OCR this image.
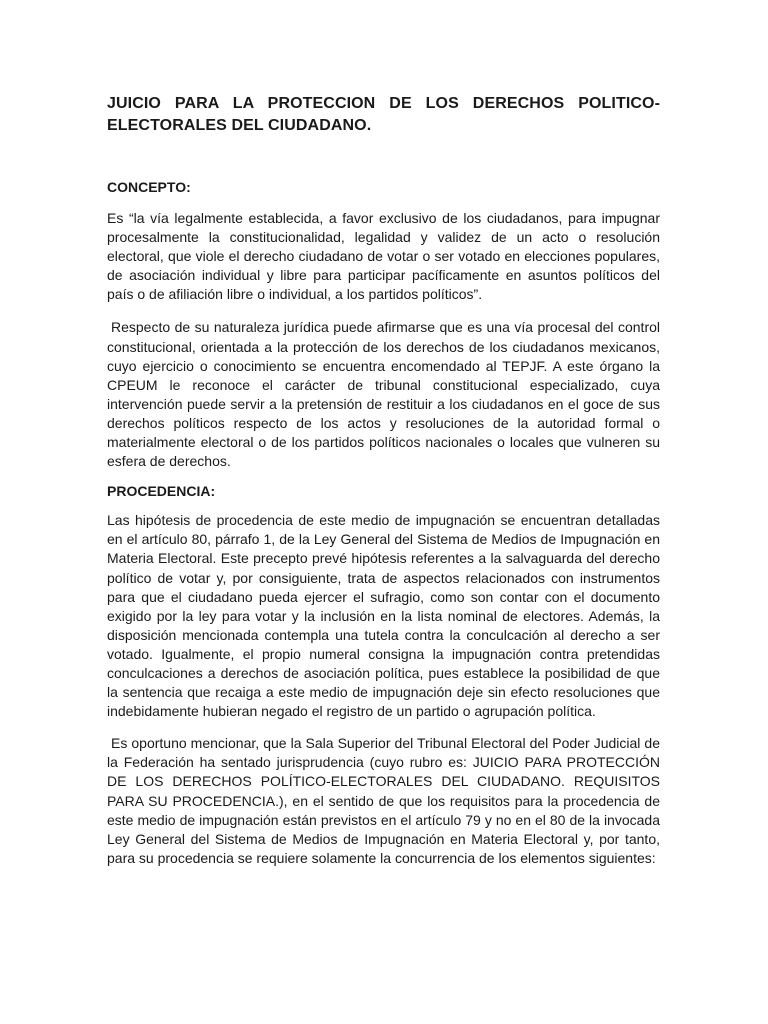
JUICIO PARA LA PROTECCION DE LOS DERECHOS POLITICO-ELECTORALES DEL CIUDADANO.
CONCEPTO:

Es “la vía legalmente establecida, a favor exclusivo de los ciudadanos, para impugnar procesalmente la constitucionalidad, legalidad y validez de un acto o resolución electoral, que viole el derecho ciudadano de votar o ser votado en elecciones populares, de asociación individual y libre para participar pacíficamente en asuntos políticos del país o de afiliación libre o individual, a los partidos políticos”.

Respecto de su naturaleza jurídica puede afirmarse que es una vía procesal del control constitucional, orientada a la protección de los derechos de los ciudadanos mexicanos, cuyo ejercicio o conocimiento se encuentra encomendado al TEPJF. A este órgano la CPEUM le reconoce el carácter de tribunal constitucional especializado, cuya intervención puede servir a la pretensión de restituir a los ciudadanos en el goce de sus derechos políticos respecto de los actos y resoluciones de la autoridad formal o materialmente electoral o de los partidos políticos nacionales o locales que vulneren su esfera de derechos.

PROCEDENCIA:

Las hipótesis de procedencia de este medio de impugnación se encuentran detalladas en el artículo 80, párrafo 1, de la Ley General del Sistema de Medios de Impugnación en Materia Electoral. Este precepto prevé hipótesis referentes a la salvaguarda del derecho político de votar y, por consiguiente, trata de aspectos relacionados con instrumentos para que el ciudadano pueda ejercer el sufragio, como son contar con el documento exigido por la ley para votar y la inclusión en la lista nominal de electores. Además, la disposición mencionada contempla una tutela contra la conculcación al derecho a ser votado. Igualmente, el propio numeral consigna la impugnación contra pretendidas conculcaciones a derechos de asociación política, pues establece la posibilidad de que la sentencia que recaiga a este medio de impugnación deje sin efecto resoluciones que indebidamente hubieran negado el registro de un partido o agrupación política.

Es oportuno mencionar, que la Sala Superior del Tribunal Electoral del Poder Judicial de la Federación ha sentado jurisprudencia (cuyo rubro es: JUICIO PARA PROTECCIÓN DE LOS DERECHOS POLÍTICO-ELECTORALES DEL CIUDADANO. REQUISITOS PARA SU PROCEDENCIA.), en el sentido de que los requisitos para la procedencia de este medio de impugnación están previstos en el artículo 79 y no en el 80 de la invocada Ley General del Sistema de Medios de Impugnación en Materia Electoral y, por tanto, para su procedencia se requiere solamente la concurrencia de los elementos siguientes:
